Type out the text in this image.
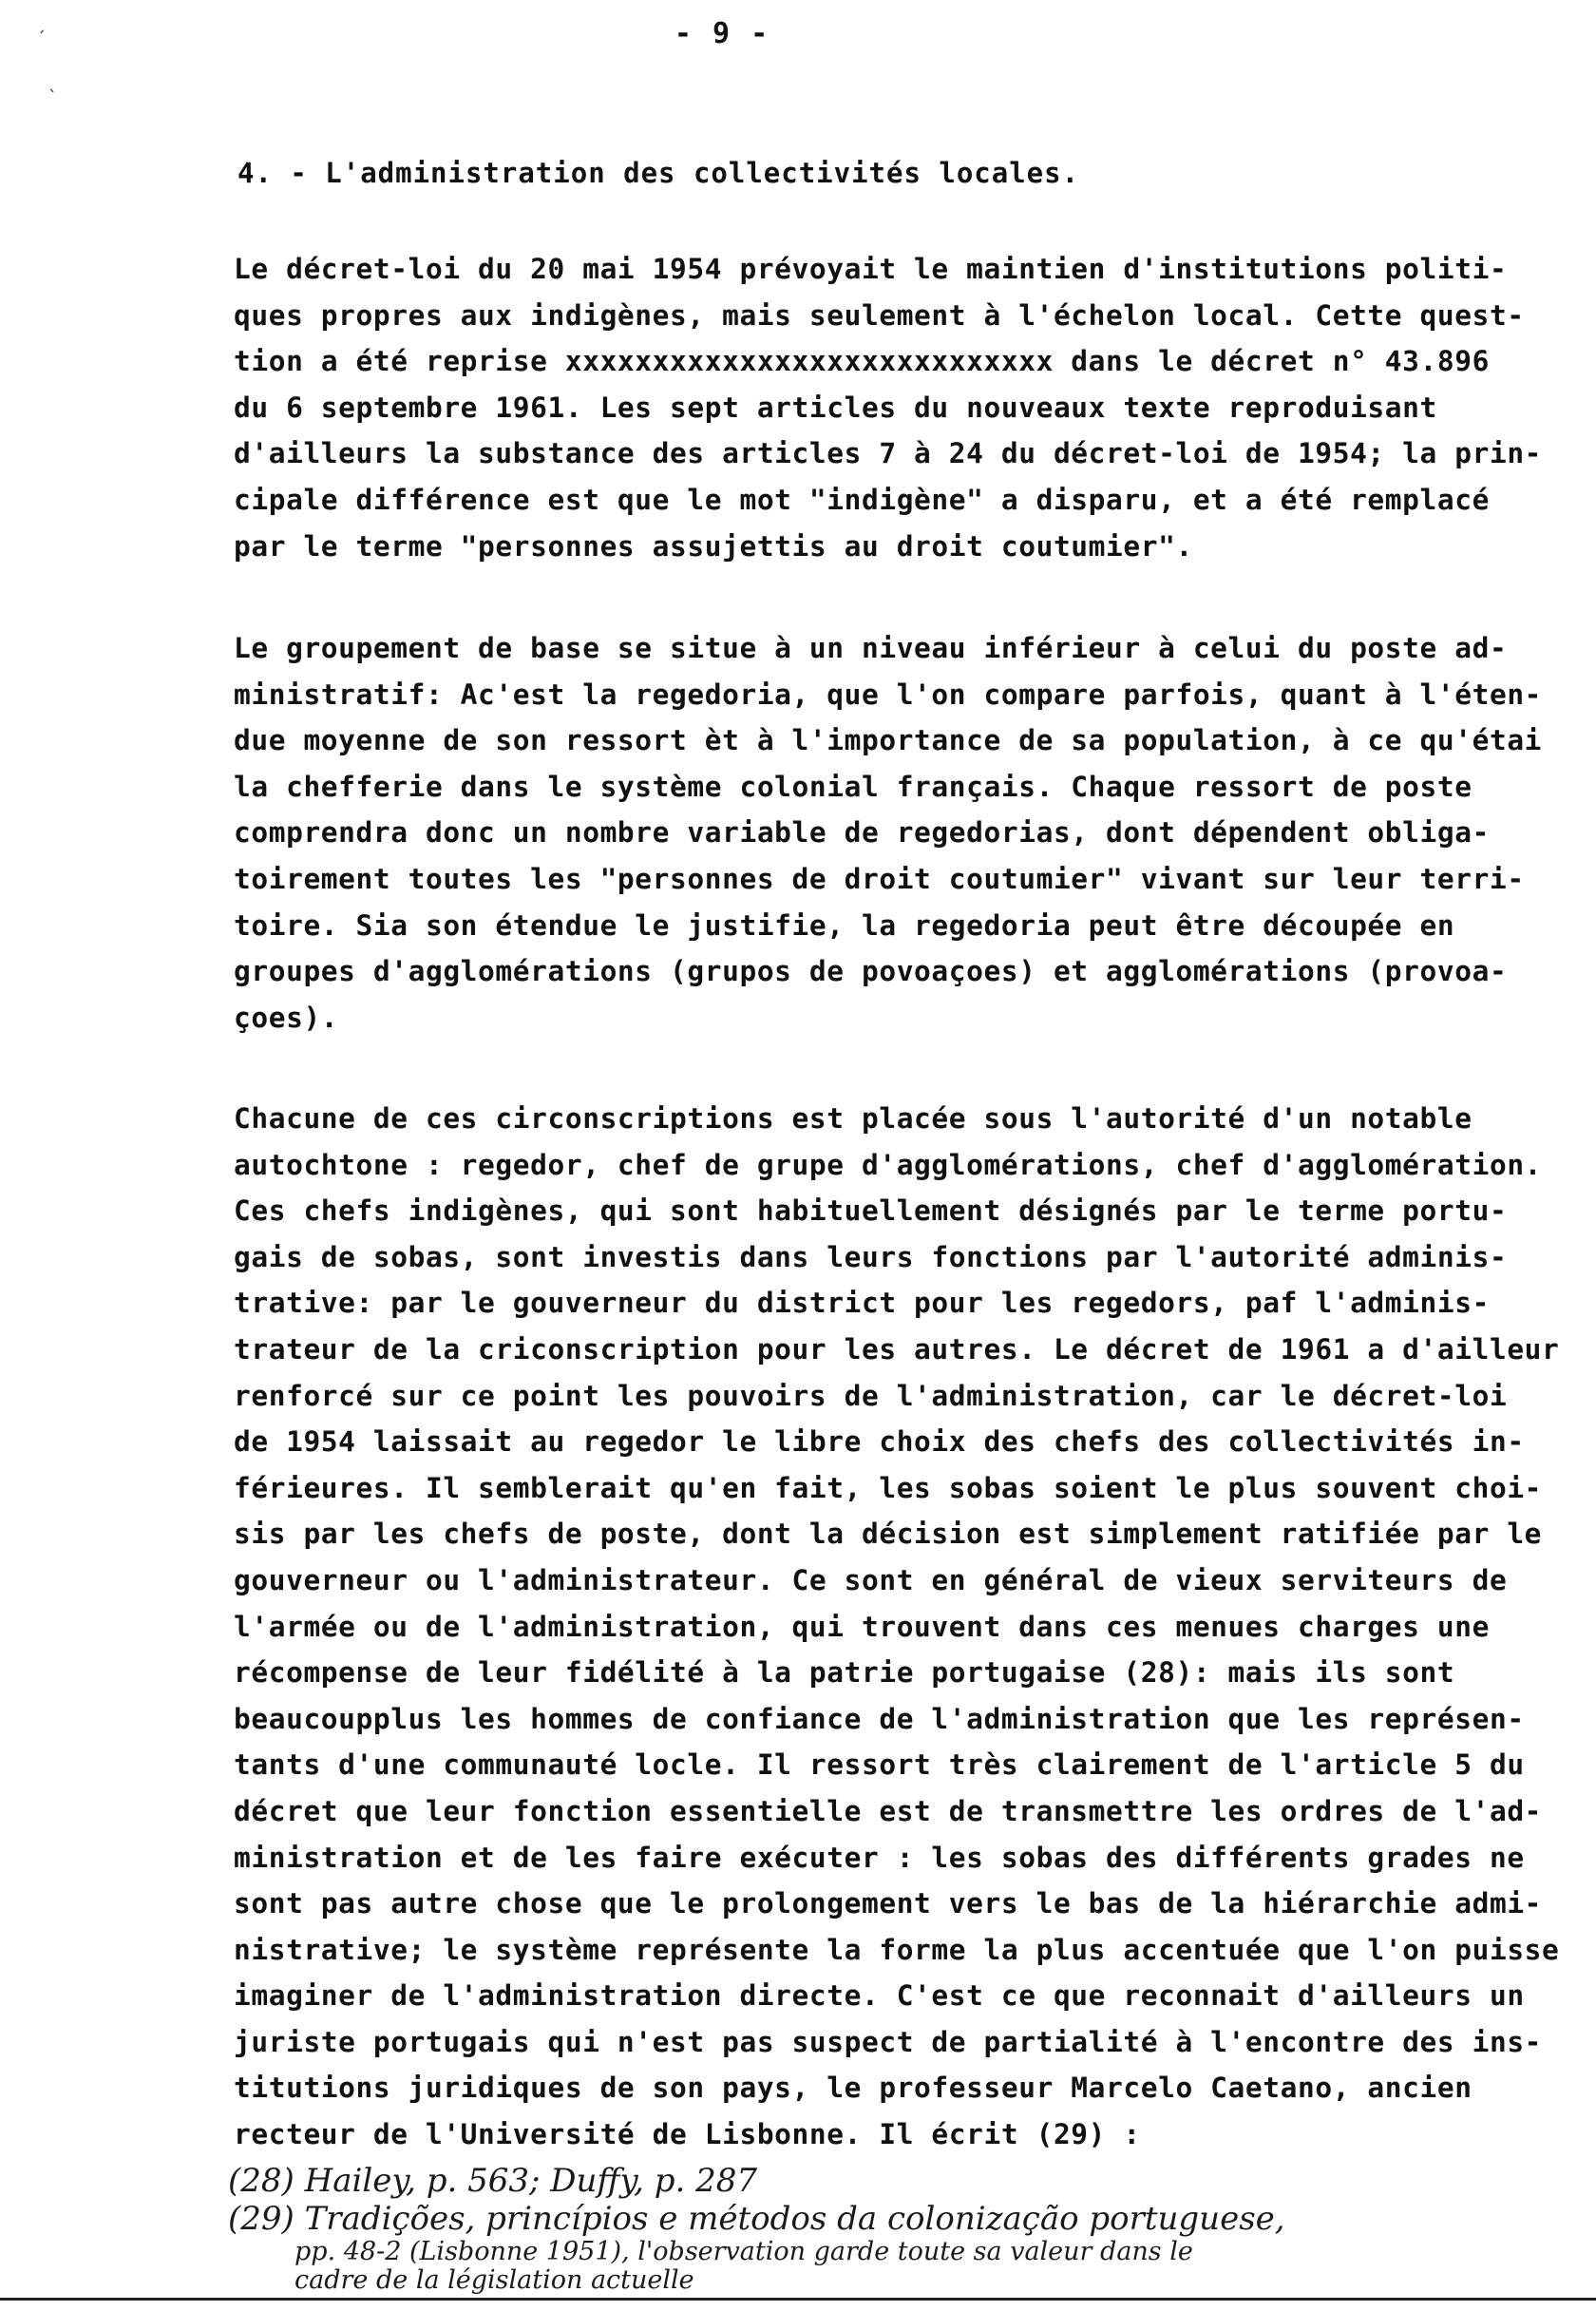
´
`
- 9 -
4. - L'administration des collectivités locales.
Le décret-loi du 20 mai 1954 prévoyait le maintien d'institutions politi-
ques propres aux indigènes, mais seulement à l'échelon local. Cette quest-
tion a été reprise xxxxxxxxxxxxxxxxxxxxxxxxxxxx dans le décret n° 43.896
du 6 septembre 1961. Les sept articles du nouveaux texte reproduisant
d'ailleurs la substance des articles 7 à 24 du décret-loi de 1954; la prin-
cipale différence est que le mot "indigène" a disparu, et a été remplacé
par le terme "personnes assujettis au droit coutumier".
Le groupement de base se situe à un niveau inférieur à celui du poste ad-
ministratif: Ac'est la regedoria, que l'on compare parfois, quant à l'éten-
due moyenne de son ressort èt à l'importance de sa population, à ce qu'étai
la chefferie dans le système colonial français. Chaque ressort de poste
comprendra donc un nombre variable de regedorias, dont dépendent obliga-
toirement toutes les "personnes de droit coutumier" vivant sur leur terri-
toire. Sia son étendue le justifie, la regedoria peut être découpée en
groupes d'agglomérations (grupos de povoaçoes) et agglomérations (provoa-
çoes).
Chacune de ces circonscriptions est placée sous l'autorité d'un notable
autochtone : regedor, chef de grupe d'agglomérations, chef d'agglomération.
Ces chefs indigènes, qui sont habituellement désignés par le terme portu-
gais de sobas, sont investis dans leurs fonctions par l'autorité adminis-
trative: par le gouverneur du district pour les regedors, paf l'adminis-
trateur de la criconscription pour les autres. Le décret de 1961 a d'ailleur
renforcé sur ce point les pouvoirs de l'administration, car le décret-loi
de 1954 laissait au regedor le libre choix des chefs des collectivités in-
férieures. Il semblerait qu'en fait, les sobas soient le plus souvent choi-
sis par les chefs de poste, dont la décision est simplement ratifiée par le
gouverneur ou l'administrateur. Ce sont en général de vieux serviteurs de
l'armée ou de l'administration, qui trouvent dans ces menues charges une
récompense de leur fidélité à la patrie portugaise (28): mais ils sont
beaucoupplus les hommes de confiance de l'administration que les représen-
tants d'une communauté locle. Il ressort très clairement de l'article 5 du
décret que leur fonction essentielle est de transmettre les ordres de l'ad-
ministration et de les faire exécuter : les sobas des différents grades ne
sont pas autre chose que le prolongement vers le bas de la hiérarchie admi-
nistrative; le système représente la forme la plus accentuée que l'on puisse
imaginer de l'administration directe. C'est ce que reconnait d'ailleurs un
juriste portugais qui n'est pas suspect de partialité à l'encontre des ins-
titutions juridiques de son pays, le professeur Marcelo Caetano, ancien
recteur de l'Université de Lisbonne. Il écrit (29) :
(28) Hailey, p. 563; Duffy, p. 287
(29) Tradições, princípios e métodos da colonização portuguese,
pp. 48-2 (Lisbonne 1951), l'observation garde toute sa valeur dans le
cadre de la législation actuelle
